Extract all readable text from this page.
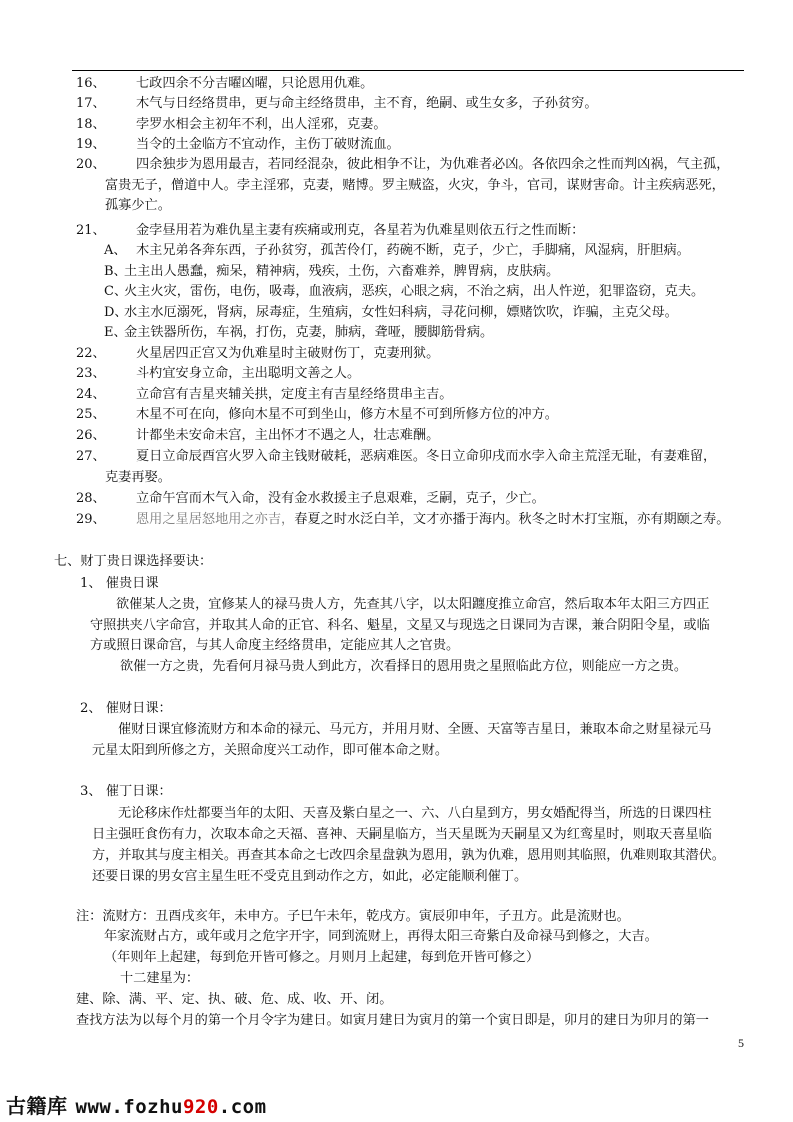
16、 七政四余不分吉曜凶曜，只论恩用仇难。
17、 木气与日经络贯串，更与命主经络贯串，主不育，绝嗣、或生女多，子孙贫穷。
18、 孛罗水相会主初年不利，出人淫邪，克妻。
19、 当令的土金临方不宜动作，主伤丁破财流血。
20、 四余独步为恩用最吉，若同经混杂，彼此相争不让，为仇难者必凶。各依四余之性而判凶祸，气主孤，
富贵无子，僧道中人。孛主淫邪，克妻，赌博。罗主贼盗，火灾，争斗，官司，谋财害命。计主疾病恶死，
孤寡少亡。
21、 金孛昼用若为难仇星主妻有疾痛或刑克，各星若为仇难星则依五行之性而断：
A、 木主兄弟各奔东西，子孙贫穷，孤苦伶仃，药碗不断，克子，少亡，手脚痛，风湿病，肝胆病。
B、
土主出人愚蠢，痴呆，精神病，残疾，土伤，六畜难养，脾胃病，皮肤病。
C、
火主火灾，雷伤，电伤，吸毒，血液病，恶疾，心眼之病，不治之病，出人忤逆，犯罪盗窃，克夫。
D、
水主水厄溺死，肾病，尿毒症，生殖病，女性妇科病，寻花问柳，嫖赌饮吹，诈骗，主克父母。
E、
金主铁器所伤，车祸，打伤，克妻，肺病，聋哑，腰脚筋骨病。
22、 火星居四正宫又为仇难星时主破财伤丁，克妻刑狱。
23、 斗杓宜安身立命，主出聪明文善之人。
24、 立命宫有吉星夹辅关拱，定度主有吉星经络贯串主吉。
25、 木星不可在向，修向木星不可到坐山，修方木星不可到所修方位的冲方。
26、 计都坐未安命未宫，主出怀才不遇之人，壮志难酬。
27、 夏日立命辰酉宫火罗入命主钱财破耗，恶病难医。冬日立命卯戌而水孛入命主荒淫无耻，有妻难留，
克妻再娶。
28、 立命午宫而木气入命，没有金水救援主子息艰难，乏嗣，克子，少亡。
29、 恩用之星居怒地用之亦吉，春夏之时水泛白羊，文才亦播于海内。秋冬之时木打宝瓶，亦有期颐之寿。
七、财丁贵日课选择要诀：
1、 催贵日课
欲催某人之贵，宜修某人的禄马贵人方，先查其八字，以太阳躔度推立命宫，然后取本年太阳三方四正
守照拱夹八字命宫，并取其人命的正官、科名、魁星，文星又与现选之日课同为吉课，兼合阴阳令星，或临
方或照日课命宫，与其人命度主经络贯串，定能应其人之官贵。
欲催一方之贵，先看何月禄马贵人到此方，次看择日的恩用贵之星照临此方位，则能应一方之贵。
2、 催财日课：
催财日课宜修流财方和本命的禄元、马元方，并用月财、全匮、天富等吉星日，兼取本命之财星禄元马
元星太阳到所修之方，关照命度兴工动作，即可催本命之财。
3、 催丁日课：
无论移床作灶都要当年的太阳、天喜及紫白星之一、六、八白星到方，男女婚配得当，所选的日课四柱
日主强旺食伤有力，次取本命之天福、喜神、天嗣星临方，当天星既为天嗣星又为红鸾星时，则取天喜星临
方，并取其与度主相关。再查其本命之七改四余星盘孰为恩用，孰为仇难，恩用则其临照，仇难则取其潜伏。
还要日课的男女宫主星生旺不受克且到动作之方，如此，必定能顺利催丁。
注：流财方：丑酉戌亥年，未申方。子巳午未年，乾戌方。寅辰卯申年，子丑方。此是流财也。
年家流财占方，或年或月之危字开字，同到流财上，再得太阳三奇紫白及命禄马到修之，大吉。
（年则年上起建，每到危开皆可修之。月则月上起建，每到危开皆可修之）
十二建星为：
建、除、满、平、定、执、破、危、成、收、开、闭。
查找方法为以每个月的第一个月令字为建日。如寅月建日为寅月的第一个寅日即是，卯月的建日为卯月的第一
5
古籍库 www.fozhu920.com
